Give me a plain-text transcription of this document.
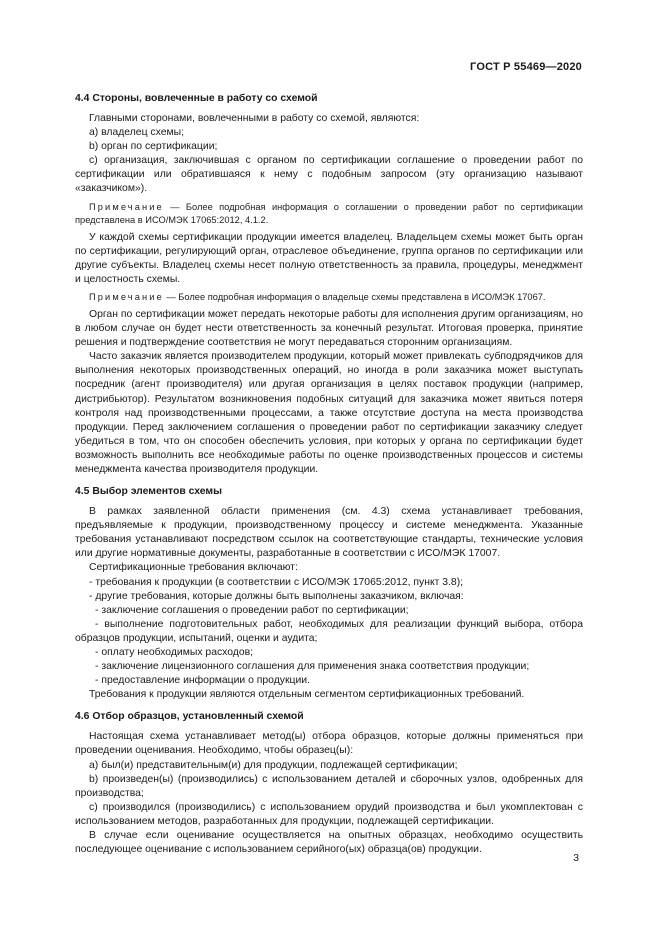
ГОСТ Р 55469—2020
4.4 Стороны, вовлеченные в работу со схемой

Главными сторонами, вовлеченными в работу со схемой, являются:

a) владелец схемы;

b) орган по сертификации;

c) организация, заключившая с органом по сертификации соглашение о проведении работ по сертификации или обратившаяся к нему с подобным запросом (эту организацию называют «заказчиком»).

Примечание — Более подробная информация о соглашении о проведении работ по сертификации представлена в ИСО/МЭК 17065:2012, 4.1.2.

У каждой схемы сертификации продукции имеется владелец. Владельцем схемы может быть орган по сертификации, регулирующий орган, отраслевое объединение, группа органов по сертификации или другие субъекты. Владелец схемы несет полную ответственность за правила, процедуры, менеджмент и целостность схемы.

Примечание — Более подробная информация о владельце схемы представлена в ИСО/МЭК 17067.

Орган по сертификации может передать некоторые работы для исполнения другим организациям, но в любом случае он будет нести ответственность за конечный результат. Итоговая проверка, принятие решения и подтверждение соответствия не могут передаваться сторонним организациям.

Часто заказчик является производителем продукции, который может привлекать субподрядчиков для выполнения некоторых производственных операций, но иногда в роли заказчика может выступать посредник (агент производителя) или другая организация в целях поставок продукции (например, дистрибьютор). Результатом возникновения подобных ситуаций для заказчика может явиться потеря контроля над производственными процессами, а также отсутствие доступа на места производства продукции. Перед заключением соглашения о проведении работ по сертификации заказчику следует убедиться в том, что он способен обеспечить условия, при которых у органа по сертификации будет возможность выполнить все необходимые работы по оценке производственных процессов и системы менеджмента качества производителя продукции.

4.5 Выбор элементов схемы

В рамках заявленной области применения (см. 4.3) схема устанавливает требования, предъявляемые к продукции, производственному процессу и системе менеджмента. Указанные требования устанавливают посредством ссылок на соответствующие стандарты, технические условия или другие нормативные документы, разработанные в соответствии с ИСО/МЭК 17007.

Сертификационные требования включают:

- требования к продукции (в соответствии с ИСО/МЭК 17065:2012, пункт 3.8);

- другие требования, которые должны быть выполнены заказчиком, включая:

- заключение соглашения о проведении работ по сертификации;

- выполнение подготовительных работ, необходимых для реализации функций выбора, отбора образцов продукции, испытаний, оценки и аудита;

- оплату необходимых расходов;

- заключение лицензионного соглашения для применения знака соответствия продукции;

- предоставление информации о продукции.

Требования к продукции являются отдельным сегментом сертификационных требований.

4.6 Отбор образцов, установленный схемой

Настоящая схема устанавливает метод(ы) отбора образцов, которые должны применяться при проведении оценивания. Необходимо, чтобы образец(ы):

a) был(и) представительным(и) для продукции, подлежащей сертификации;

b) произведен(ы) (производились) с использованием деталей и сборочных узлов, одобренных для производства;

c) производился (производились) с использованием орудий производства и был укомплектован с использованием методов, разработанных для продукции, подлежащей сертификации.

В случае если оценивание осуществляется на опытных образцах, необходимо осуществить последующее оценивание с использованием серийного(ых) образца(ов) продукции.

3
